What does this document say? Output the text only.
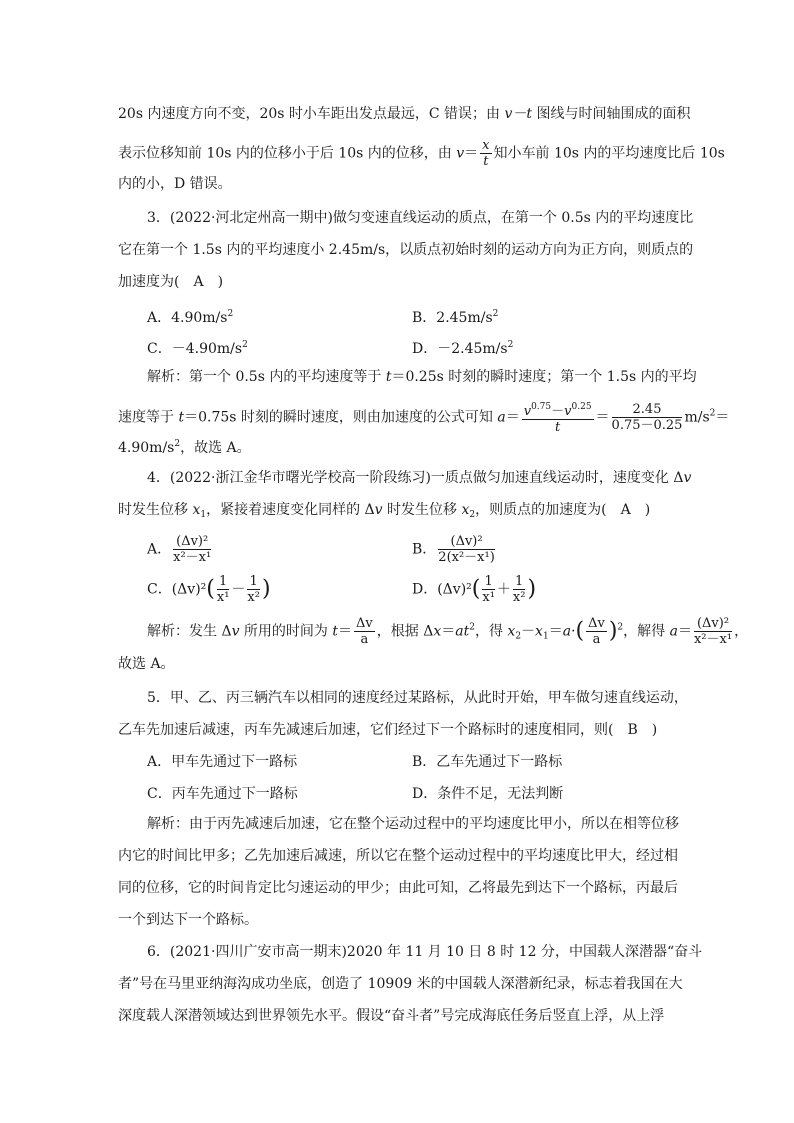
20s 内速度方向不变，20s 时小车距出发点最远，C 错误；由 v－t 图线与时间轴围成的面积
表示位移知前 10s 内的位移小于后 10s 内的位移，由 $v= \frac{x}{t}$ 知小车前 10s 内的平均速度比后 10s
内的小，D 错误。
3．(2022·河北定州高一期中)做匀变速直线运动的质点，在第一个 0.5s 内的平均速度比
它在第一个 1.5s 内的平均速度小 2.45m/s，以质点初始时刻的运动方向为正方向，则质点的
加速度为(　A　)
A．$4.90m/s^2$	B．$2.45m/s^2$
C．$-4.90m/s^2$	D．$-2.45m/s^2$
解析：第一个 0.5s 内的平均速度等于 t＝0.25s 时刻的瞬时速度；第一个 1.5s 内的平均
速度等于 t＝0.75s 时刻的瞬时速度，则由加速度的公式可知 $a= \frac{v^{0.75}-v^{0.25}}{t} = \frac{2.45}{0.75-0.25} m/s^2=$
$4.90m/s^2$，故选 A。
4．(2022·浙江金华市曙光学校高一阶段练习)一质点做匀加速直线运动时，速度变化 Δv
时发生位移 $x_1$，紧接着速度变化同样的 Δv 时发生位移 $x_2$，则质点的加速度为(　A　)
A． $\frac{\text{(Δv)²}}{\text{x²－x¹}}$	B． $\frac{\text{(Δv)²}}{\text{2(x²－x¹)}}$
C．$(\Delta v)^2( \frac{1}{\text{x¹}} - \frac{1}{\text{x²}}$ )	D．$(\Delta v)^2( \frac{1}{\text{x¹}} + \frac{1}{\text{x²}}$ )
解析：发生 Δv 所用的时间为 $t= \frac{\Delta v}{a}$ ，根据 $\Delta x=at^2$，得 $x_2-x_1=a\cdot( \frac{\Delta v}{a} )^2$，解得 $a= \frac{\text{(Δv)²}}{\text{x²－x¹}}$ ，
故选 A。
5．甲、乙、丙三辆汽车以相同的速度经过某路标，从此时开始，甲车做匀速直线运动，
乙车先加速后减速，丙车先减速后加速，它们经过下一个路标时的速度相同，则(　B　)
A．甲车先通过下一路标	B．乙车先通过下一路标
C．丙车先通过下一路标	D．条件不足，无法判断
解析：由于丙先减速后加速，它在整个运动过程中的平均速度比甲小，所以在相等位移
内它的时间比甲多；乙先加速后减速，所以它在整个运动过程中的平均速度比甲大，经过相
同的位移，它的时间肯定比匀速运动的甲少；由此可知，乙将最先到达下一个路标，丙最后
一个到达下一个路标。
6．(2021·四川广安市高一期末)2020 年 11 月 10 日 8 时 12 分，中国载人深潜器“奋斗
者”号在马里亚纳海沟成功坐底，创造了 10909 米的中国载人深潜新纪录，标志着我国在大
深度载人深潜领域达到世界领先水平。假设“奋斗者”号完成海底任务后竖直上浮，从上浮
